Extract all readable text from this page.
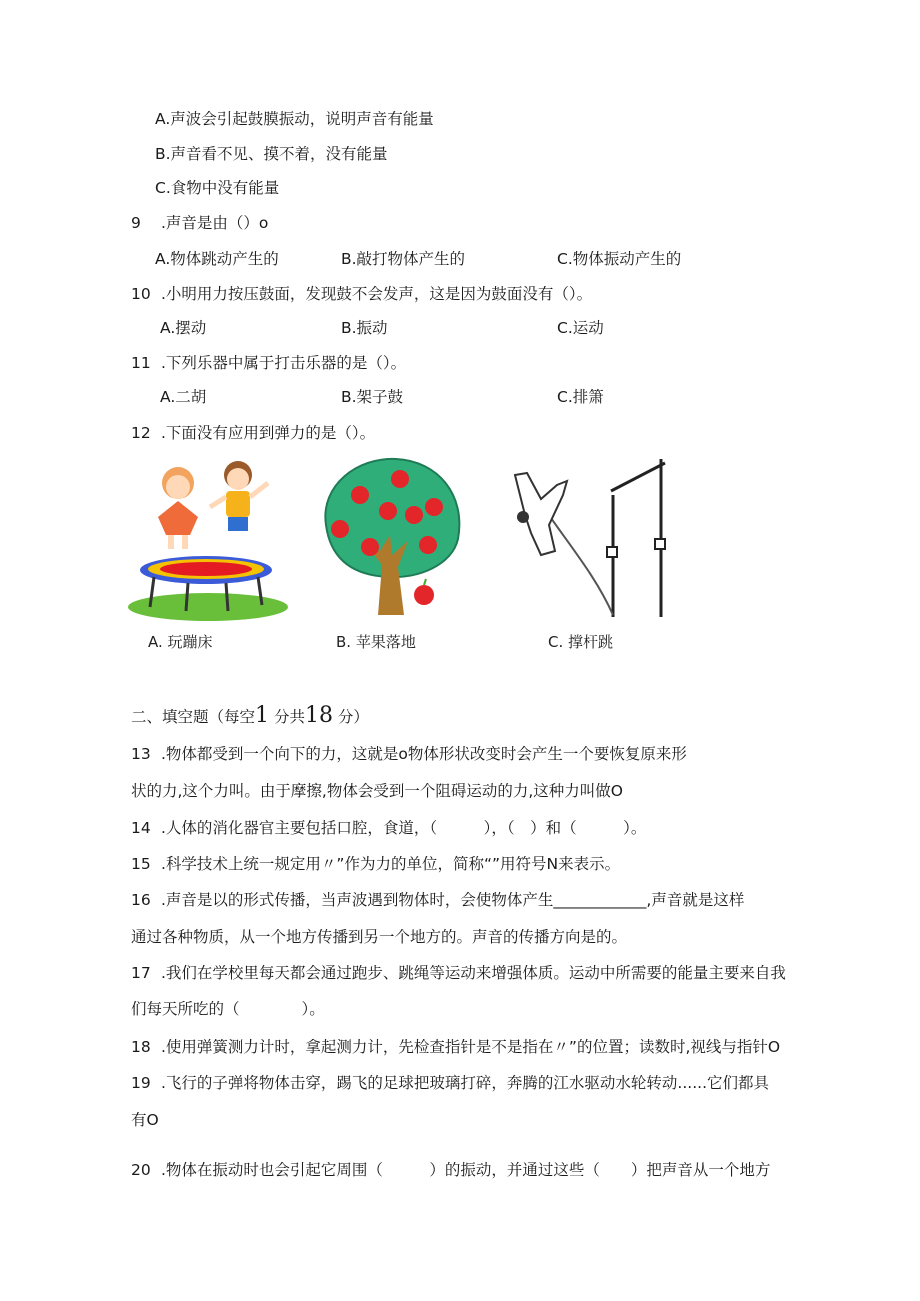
A.声波会引起鼓膜振动，说明声音有能量
B.声音看不见、摸不着，没有能量
C.食物中没有能量
9 .声音是由（）o
A.物体跳动产生的	B.敲打物体产生的	C.物体振动产生的
10 .小明用力按压鼓面，发现鼓不会发声，这是因为鼓面没有（）。
A.摆动	B.振动	C.运动
11 .下列乐器中属于打击乐器的是（）。
A.二胡	B.架子鼓	C.排箫
12 .下面没有应用到弹力的是（）。
A. 玩蹦床	B. 苹果落地	C. 撑杆跳
二、填空题（每空1 分共18 分）
13 .物体都受到一个向下的力，这就是o物体形状改变时会产生一个要恢复原来形
状的力,这个力叫。由于摩擦,物体会受到一个阻碍运动的力,这种力叫做O
14 .人体的消化器官主要包括口腔，食道，（　　　），（　）和（　　　）。
15 .科学技术上统一规定用〃”作为力的单位，简称“”用符号N来表示。
16 .声音是以的形式传播，当声波遇到物体时，会使物体产生____________,声音就是这样
通过各种物质，从一个地方传播到另一个地方的。声音的传播方向是的。
17 .我们在学校里每天都会通过跑步、跳绳等运动来增强体质。运动中所需要的能量主要来自我
们每天所吃的（　　　　）。
18 .使用弹簧测力计时，拿起测力计，先检查指针是不是指在〃”的位置；读数时,视线与指针O
19 .飞行的子弹将物体击穿，踢飞的足球把玻璃打碎，奔腾的江水驱动水轮转动......它们都具
有O
20 .物体在振动时也会引起它周围（　　　）的振动，并通过这些（　　）把声音从一个地方
